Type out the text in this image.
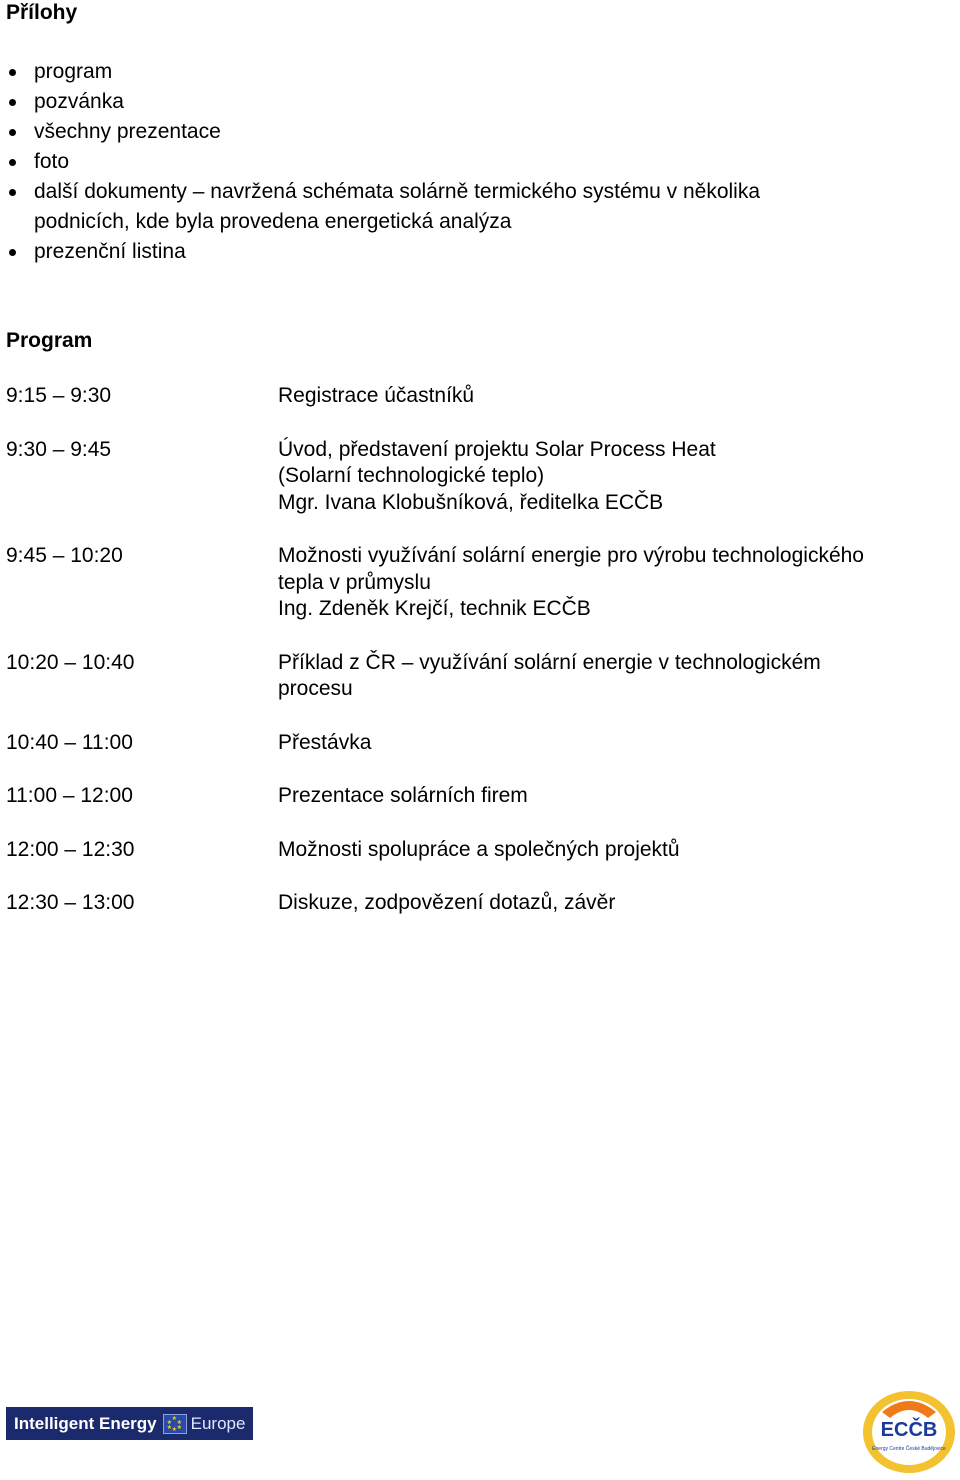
Přílohy
program
pozvánka
všechny prezentace
foto
další dokumenty – navržená schémata solárně termického systému v několika
podnicích, kde byla provedena energetická analýza
prezenční listina
Program
9:15 – 9:30	Registrace účastníků
9:30 – 9:45	Úvod, představení projektu Solar Process Heat
(Solarní technologické teplo)
Mgr. Ivana Klobušníková, ředitelka ECČB
9:45 – 10:20	Možnosti využívání solární energie pro výrobu technologického
tepla v průmyslu
Ing. Zdeněk Krejčí, technik ECČB
10:20 – 10:40	Příklad z ČR – využívání solární energie v technologickém
procesu
10:40 – 11:00	Přestávka
11:00 – 12:00	Prezentace solárních firem
12:00 – 12:30	Možnosti spolupráce a společných projektů
12:30 – 13:00	Diskuze, zodpovězení dotazů, závěr
Intelligent Energy	★
★ ★
★ ★
★ Europe	ECČB
Energy Centre České Budějovice
